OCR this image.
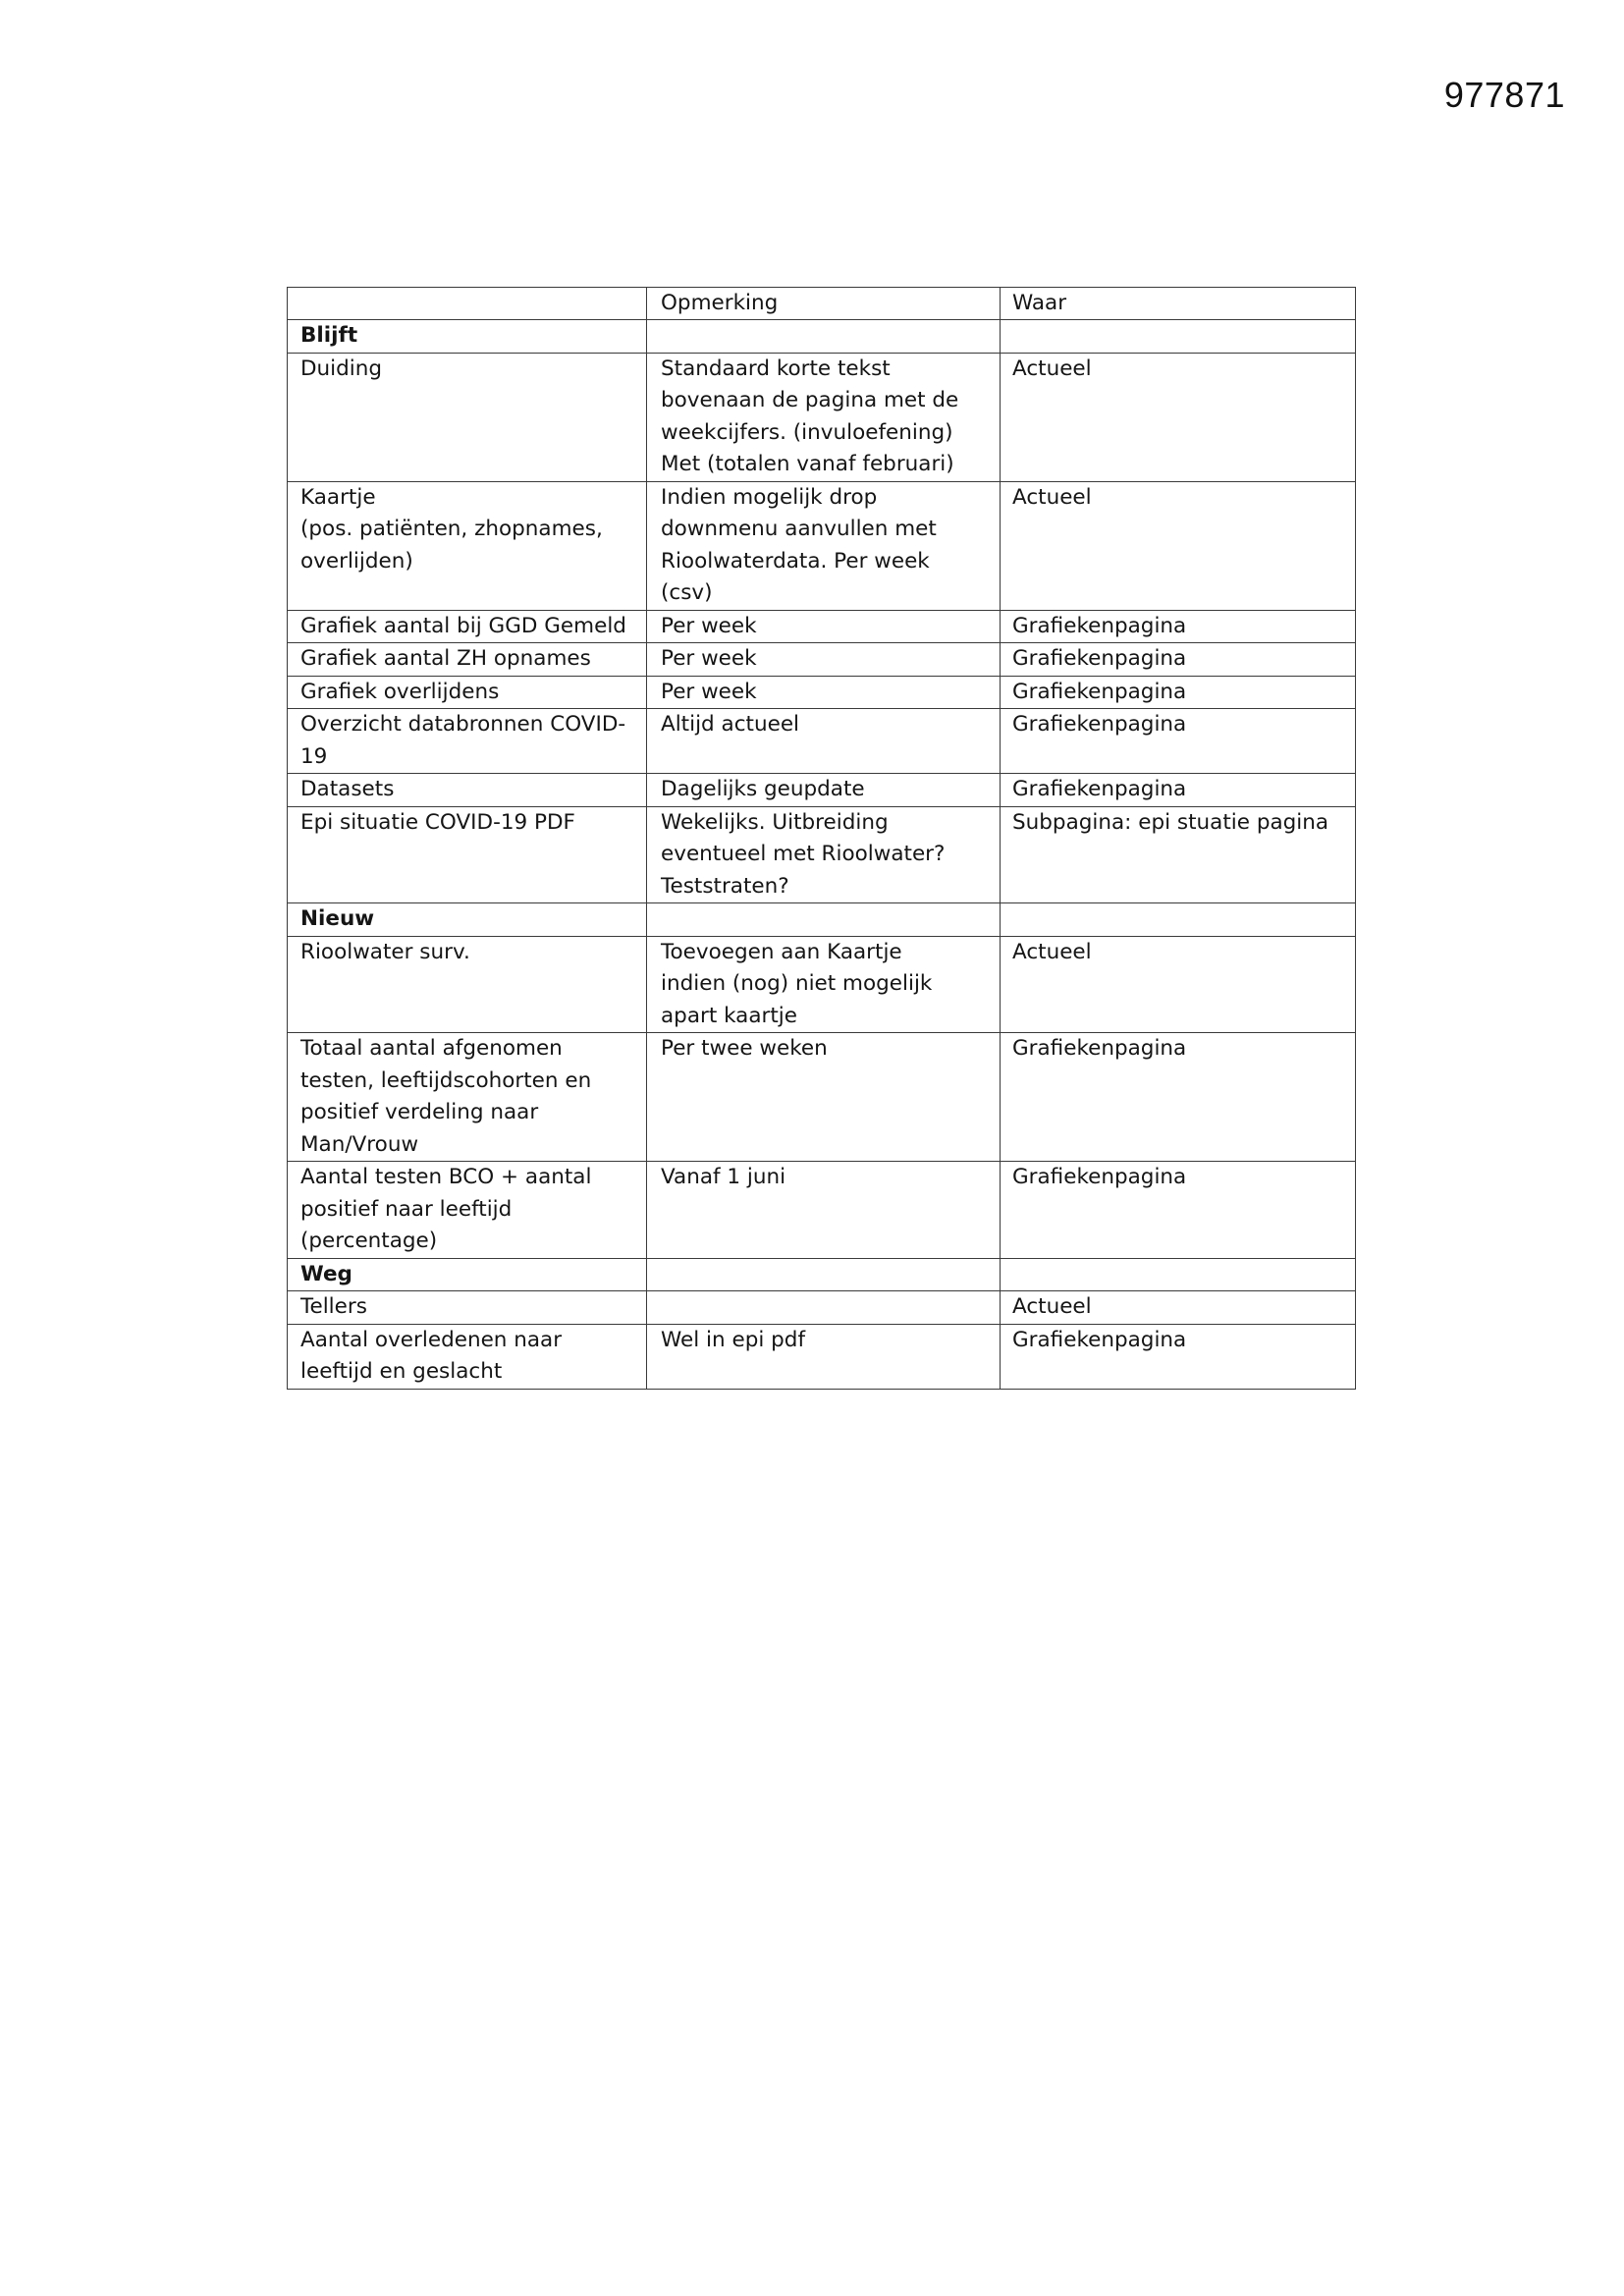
977871
	Opmerking	Waar
Blijft		
Duiding	Standaard korte tekst
bovenaan de pagina met de
weekcijfers. (invuloefening)
Met (totalen vanaf februari)	Actueel
Kaartje
(pos. patiënten, zhopnames,
overlijden)	Indien mogelijk drop
downmenu aanvullen met
Rioolwaterdata. Per week
(csv)	Actueel
Grafiek aantal bij GGD Gemeld	Per week	Grafiekenpagina
Grafiek aantal ZH opnames	Per week	Grafiekenpagina
Grafiek overlijdens	Per week	Grafiekenpagina
Overzicht databronnen COVID-
19	Altijd actueel	Grafiekenpagina
Datasets	Dagelijks geupdate	Grafiekenpagina
Epi situatie COVID-19 PDF	Wekelijks. Uitbreiding
eventueel met Rioolwater?
Teststraten?	Subpagina: epi stuatie pagina
Nieuw		
Rioolwater surv.	Toevoegen aan Kaartje
indien (nog) niet mogelijk
apart kaartje	Actueel
Totaal aantal afgenomen
testen, leeftijdscohorten en
positief verdeling naar
Man/Vrouw	Per twee weken	Grafiekenpagina
Aantal testen BCO + aantal
positief naar leeftijd
(percentage)	Vanaf 1 juni	Grafiekenpagina
Weg		
Tellers		Actueel
Aantal overledenen naar
leeftijd en geslacht	Wel in epi pdf	Grafiekenpagina
